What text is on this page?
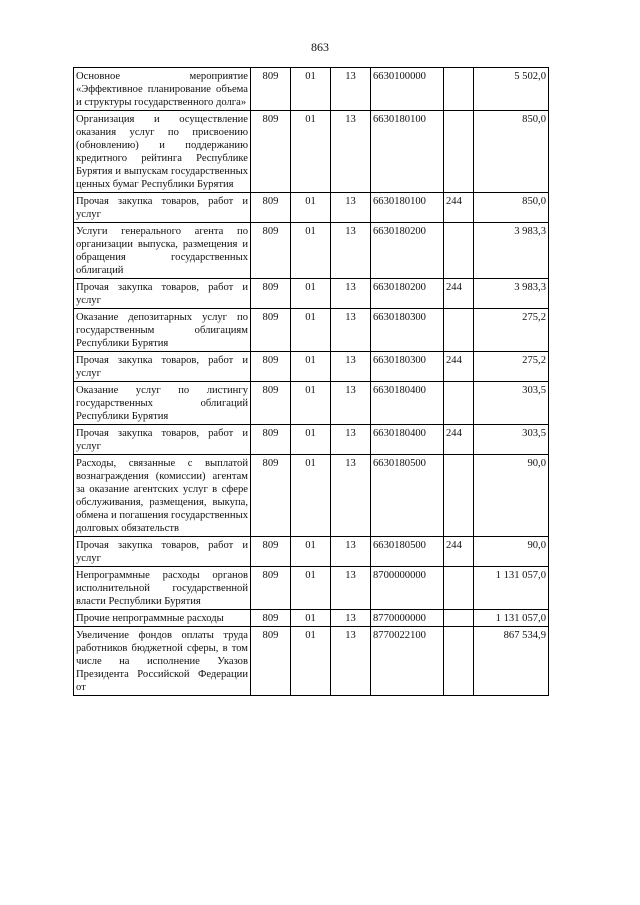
863
Основное мероприятие «Эффективное планирование объема и структуры государственного долга»	809	01	13	6630100000		5 502,0
Организация и осуществление оказания услуг по присвоению (обновлению) и поддержанию кредитного рейтинга Республике Бурятия и выпускам государственных ценных бумаг Республики Бурятия	809	01	13	6630180100		850,0
Прочая закупка товаров, работ и услуг	809	01	13	6630180100	244	850,0
Услуги генерального агента по организации выпуска, размещения и обращения государственных облигаций	809	01	13	6630180200		3 983,3
Прочая закупка товаров, работ и услуг	809	01	13	6630180200	244	3 983,3
Оказание депозитарных услуг по государственным облигациям Республики Бурятия	809	01	13	6630180300		275,2
Прочая закупка товаров, работ и услуг	809	01	13	6630180300	244	275,2
Оказание услуг по листингу государственных облигаций Республики Бурятия	809	01	13	6630180400		303,5
Прочая закупка товаров, работ и услуг	809	01	13	6630180400	244	303,5
Расходы, связанные с выплатой вознаграждения (комиссии) агентам за оказание агентских услуг в сфере обслуживания, размещения, выкупа, обмена и погашения государственных долговых обязательств	809	01	13	6630180500		90,0
Прочая закупка товаров, работ и услуг	809	01	13	6630180500	244	90,0
Непрограммные расходы органов исполнительной государственной власти Республики Бурятия	809	01	13	8700000000		1 131 057,0
Прочие непрограммные расходы	809	01	13	8770000000		1 131 057,0
Увеличение фондов оплаты труда работников бюджетной сферы, в том числе на исполнение Указов Президента Российской Федерации от	809	01	13	8770022100		867 534,9
